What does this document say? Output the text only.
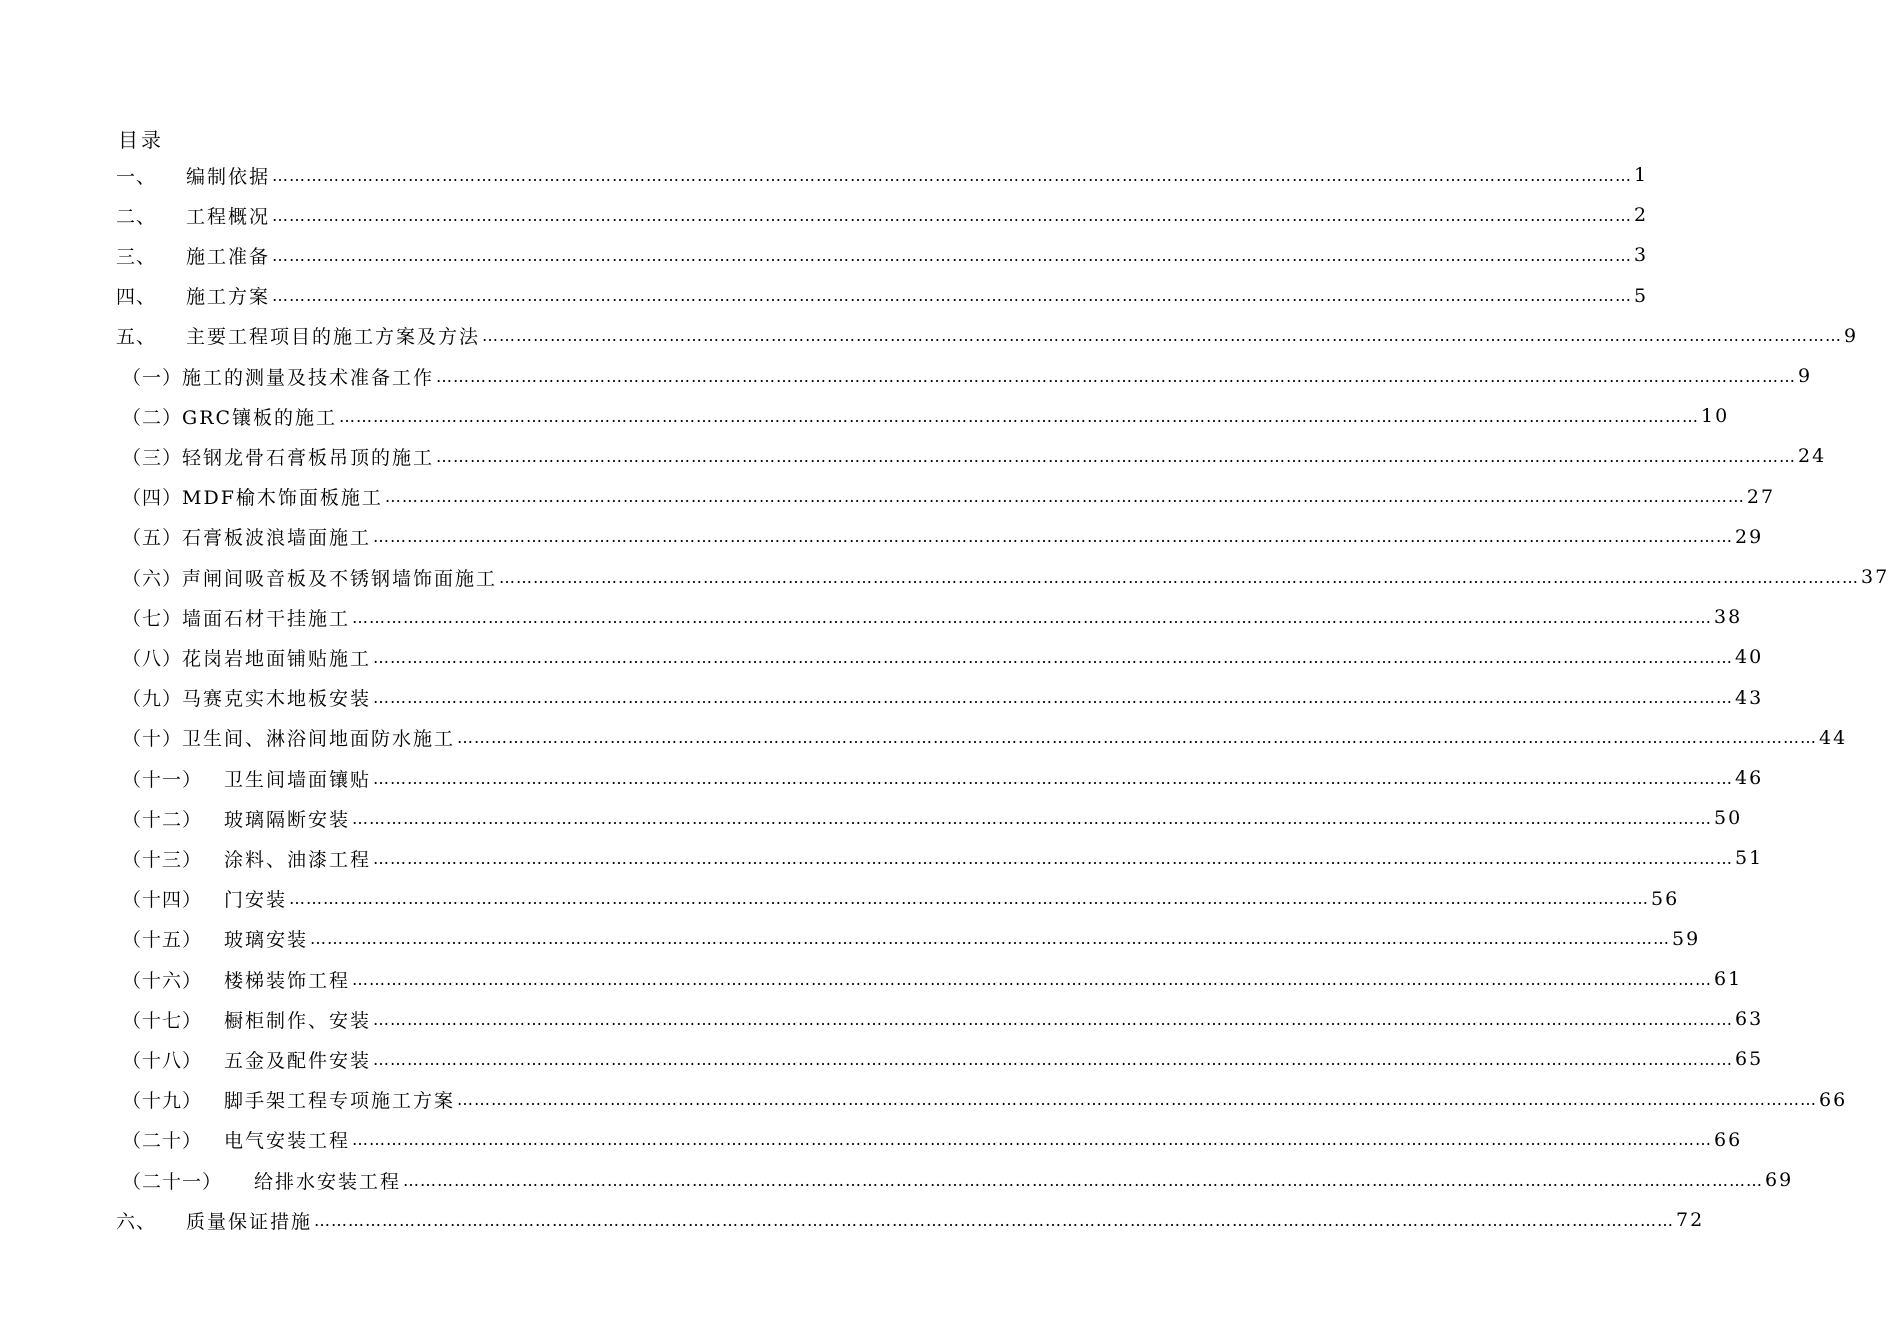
目录
一、 编制依据 …………………………………………………………………………………………………………………………………………………………………………………………………………………… 1
二、 工程概况 …………………………………………………………………………………………………………………………………………………………………………………………………………………… 2
三、 施工准备 …………………………………………………………………………………………………………………………………………………………………………………………………………………… 3
四、 施工方案 …………………………………………………………………………………………………………………………………………………………………………………………………………………… 5
五、 主要工程项目的施工方案及方法 …………………………………………………………………………………………………………………………………………………………………………………………………………………… 9
（一）施工的测量及技术准备工作 …………………………………………………………………………………………………………………………………………………………………………………………………………………… 9
（二）GRC镶板的施工 …………………………………………………………………………………………………………………………………………………………………………………………………………………… 10
（三）轻钢龙骨石膏板吊顶的施工 …………………………………………………………………………………………………………………………………………………………………………………………………………………… 24
（四）MDF榆木饰面板施工 …………………………………………………………………………………………………………………………………………………………………………………………………………………… 27
（五）石膏板波浪墙面施工 …………………………………………………………………………………………………………………………………………………………………………………………………………………… 29
（六）声闸间吸音板及不锈钢墙饰面施工 …………………………………………………………………………………………………………………………………………………………………………………………………………………… 37
（七）墙面石材干挂施工 …………………………………………………………………………………………………………………………………………………………………………………………………………………… 38
（八）花岗岩地面铺贴施工 …………………………………………………………………………………………………………………………………………………………………………………………………………………… 40
（九）马赛克实木地板安装 …………………………………………………………………………………………………………………………………………………………………………………………………………………… 43
（十）卫生间、淋浴间地面防水施工 …………………………………………………………………………………………………………………………………………………………………………………………………………………… 44
（十一） 卫生间墙面镶贴 …………………………………………………………………………………………………………………………………………………………………………………………………………………… 46
（十二） 玻璃隔断安装 …………………………………………………………………………………………………………………………………………………………………………………………………………………… 50
（十三） 涂料、油漆工程 …………………………………………………………………………………………………………………………………………………………………………………………………………………… 51
（十四） 门安装 …………………………………………………………………………………………………………………………………………………………………………………………………………………… 56
（十五） 玻璃安装 …………………………………………………………………………………………………………………………………………………………………………………………………………………… 59
（十六） 楼梯装饰工程 …………………………………………………………………………………………………………………………………………………………………………………………………………………… 61
（十七） 橱柜制作、安装 …………………………………………………………………………………………………………………………………………………………………………………………………………………… 63
（十八） 五金及配件安装 …………………………………………………………………………………………………………………………………………………………………………………………………………………… 65
（十九） 脚手架工程专项施工方案 …………………………………………………………………………………………………………………………………………………………………………………………………………………… 66
（二十） 电气安装工程 …………………………………………………………………………………………………………………………………………………………………………………………………………………… 66
（二十一） 给排水安装工程 …………………………………………………………………………………………………………………………………………………………………………………………………………………… 69
六、 质量保证措施 …………………………………………………………………………………………………………………………………………………………………………………………………………………… 72
